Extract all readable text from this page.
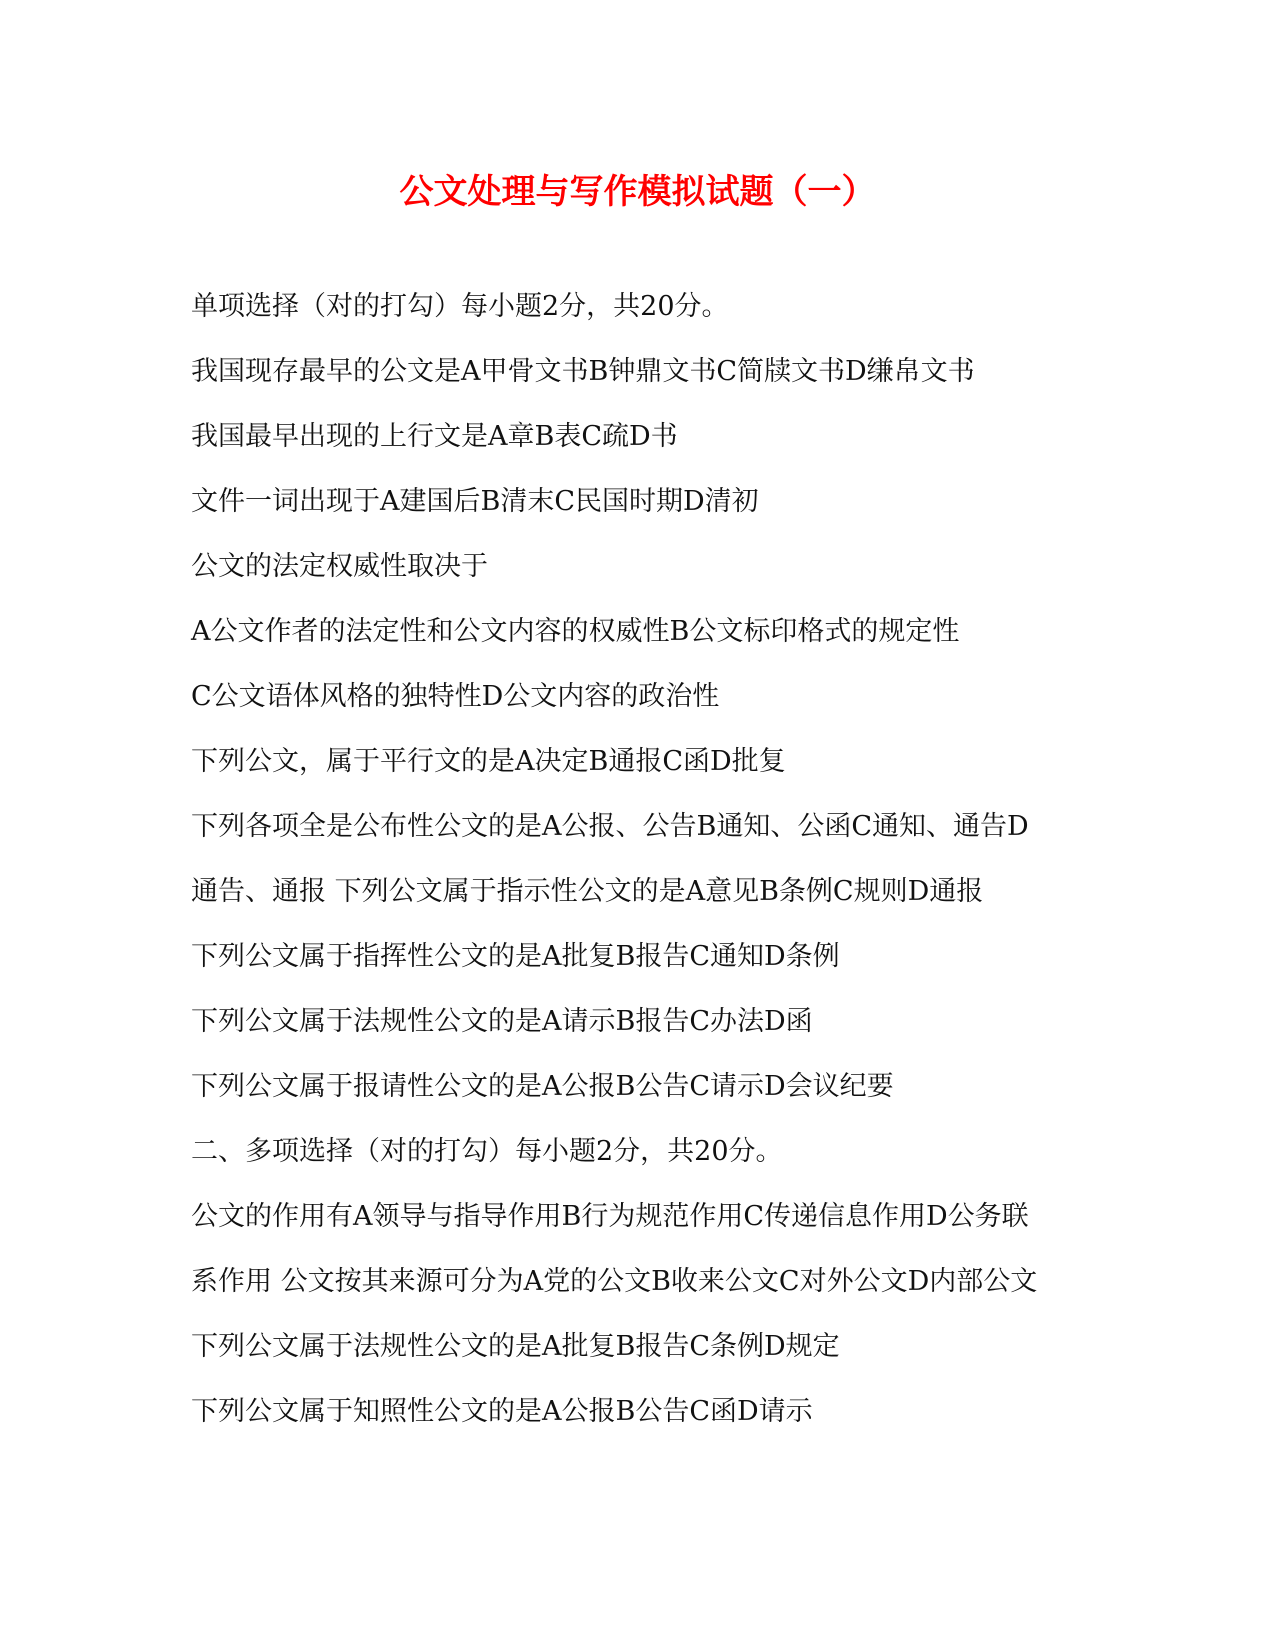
公文处理与写作模拟试题（一）
单项选择（对的打勾）每小题2分，共20分。
我国现存最早的公文是A甲骨文书B钟鼎文书C简牍文书D缣帛文书
我国最早出现的上行文是A章B表C疏D书
文件一词出现于A建国后B清末C民国时期D清初
公文的法定权威性取决于
A公文作者的法定性和公文内容的权威性B公文标印格式的规定性
C公文语体风格的独特性D公文内容的政治性
下列公文，属于平行文的是A决定B通报C函D批复
下列各项全是公布性公文的是A公报、公告B通知、公函C通知、通告D
通告、通报 下列公文属于指示性公文的是A意见B条例C规则D通报
下列公文属于指挥性公文的是A批复B报告C通知D条例
下列公文属于法规性公文的是A请示B报告C办法D函
下列公文属于报请性公文的是A公报B公告C请示D会议纪要
二、多项选择（对的打勾）每小题2分，共20分。
公文的作用有A领导与指导作用B行为规范作用C传递信息作用D公务联
系作用 公文按其来源可分为A党的公文B收来公文C对外公文D内部公文
下列公文属于法规性公文的是A批复B报告C条例D规定
下列公文属于知照性公文的是A公报B公告C函D请示
